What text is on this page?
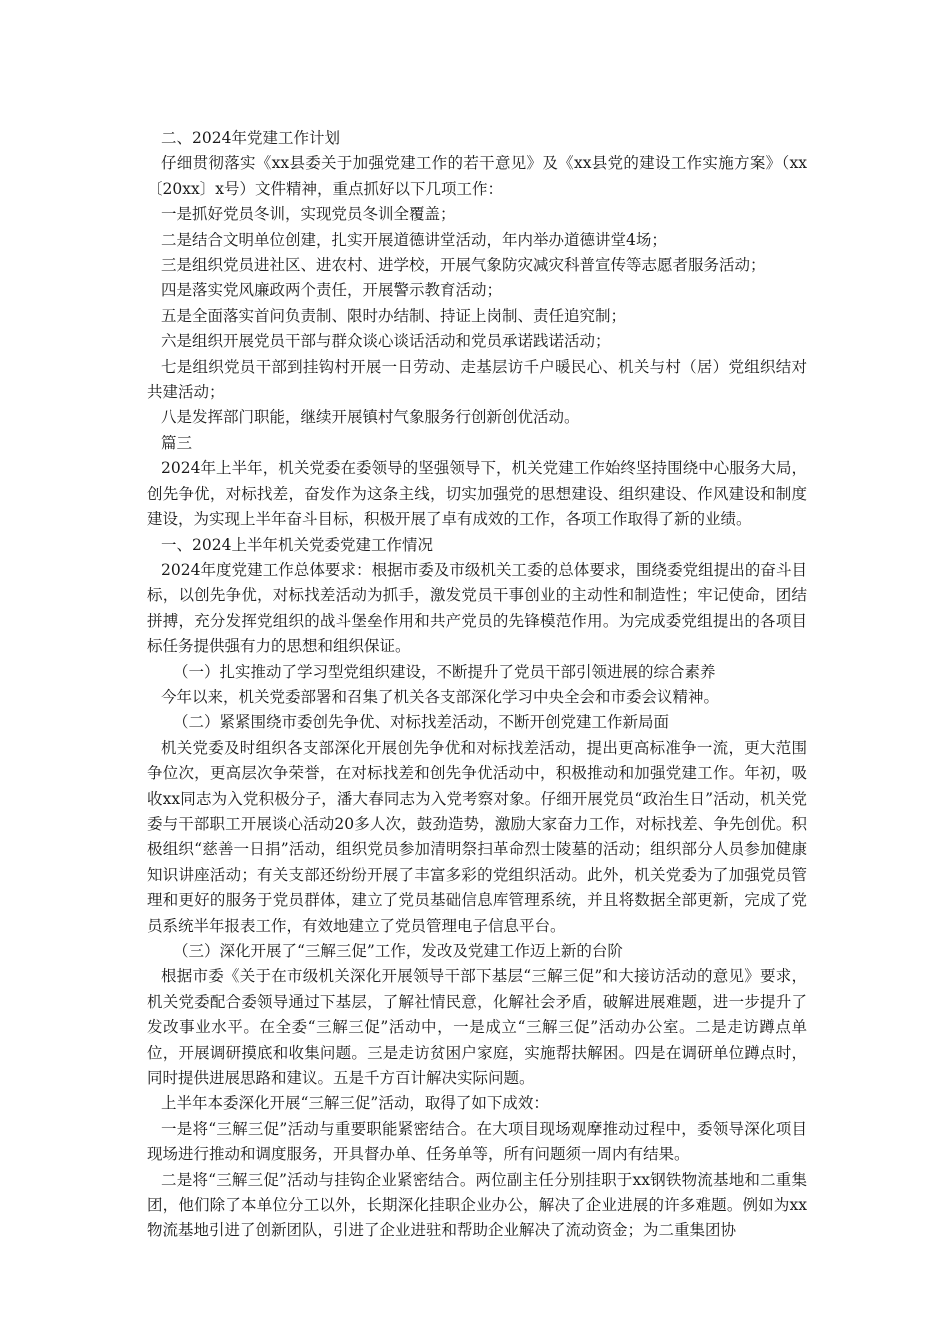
二、2024年党建工作计划

仔细贯彻落实《xx县委关于加强党建工作的若干意见》及《xx县党的建设工作实施方案》（xx〔20xx〕x号）文件精神，重点抓好以下几项工作：

一是抓好党员冬训，实现党员冬训全覆盖；

二是结合文明单位创建，扎实开展道德讲堂活动，年内举办道德讲堂4场；

三是组织党员进社区、进农村、进学校，开展气象防灾减灾科普宣传等志愿者服务活动；

四是落实党风廉政两个责任，开展警示教育活动；

五是全面落实首问负责制、限时办结制、持证上岗制、责任追究制；

六是组织开展党员干部与群众谈心谈话活动和党员承诺践诺活动；

七是组织党员干部到挂钩村开展一日劳动、走基层访千户暖民心、机关与村（居）党组织结对共建活动；

八是发挥部门职能，继续开展镇村气象服务行创新创优活动。

篇三

2024年上半年，机关党委在委领导的坚强领导下，机关党建工作始终坚持围绕中心服务大局，创先争优，对标找差，奋发作为这条主线，切实加强党的思想建设、组织建设、作风建设和制度建设，为实现上半年奋斗目标，积极开展了卓有成效的工作，各项工作取得了新的业绩。

一、2024上半年机关党委党建工作情况

2024年度党建工作总体要求：根据市委及市级机关工委的总体要求，围绕委党组提出的奋斗目标，以创先争优，对标找差活动为抓手，激发党员干事创业的主动性和制造性；牢记使命，团结拼搏，充分发挥党组织的战斗堡垒作用和共产党员的先锋模范作用。为完成委党组提出的各项目标任务提供强有力的思想和组织保证。

（一）扎实推动了学习型党组织建设，不断提升了党员干部引领进展的综合素养

今年以来，机关党委部署和召集了机关各支部深化学习中央全会和市委会议精神。

（二）紧紧围绕市委创先争优、对标找差活动，不断开创党建工作新局面

机关党委及时组织各支部深化开展创先争优和对标找差活动，提出更高标准争一流，更大范围争位次，更高层次争荣誉，在对标找差和创先争优活动中，积极推动和加强党建工作。年初，吸收xx同志为入党积极分子，潘大春同志为入党考察对象。仔细开展党员“政治生日”活动，机关党委与干部职工开展谈心活动20多人次，鼓劲造势，激励大家奋力工作，对标找差、争先创优。积极组织“慈善一日捐”活动，组织党员参加清明祭扫革命烈士陵墓的活动；组织部分人员参加健康知识讲座活动；有关支部还纷纷开展了丰富多彩的党组织活动。此外，机关党委为了加强党员管理和更好的服务于党员群体，建立了党员基础信息库管理系统，并且将数据全部更新，完成了党员系统半年报表工作，有效地建立了党员管理电子信息平台。

（三）深化开展了“三解三促”工作，发改及党建工作迈上新的台阶

根据市委《关于在市级机关深化开展领导干部下基层“三解三促”和大接访活动的意见》要求，机关党委配合委领导通过下基层，了解社情民意，化解社会矛盾，破解进展难题，进一步提升了发改事业水平。在全委“三解三促”活动中，一是成立“三解三促”活动办公室。二是走访蹲点单位，开展调研摸底和收集问题。三是走访贫困户家庭，实施帮扶解困。四是在调研单位蹲点时，同时提供进展思路和建议。五是千方百计解决实际问题。

上半年本委深化开展“三解三促”活动，取得了如下成效：

一是将“三解三促”活动与重要职能紧密结合。在大项目现场观摩推动过程中，委领导深化项目现场进行推动和调度服务，开具督办单、任务单等，所有问题须一周内有结果。

二是将“三解三促”活动与挂钩企业紧密结合。两位副主任分别挂职于xx钢铁物流基地和二重集团，他们除了本单位分工以外，长期深化挂职企业办公，解决了企业进展的许多难题。例如为xx物流基地引进了创新团队，引进了企业进驻和帮助企业解决了流动资金；为二重集团协
